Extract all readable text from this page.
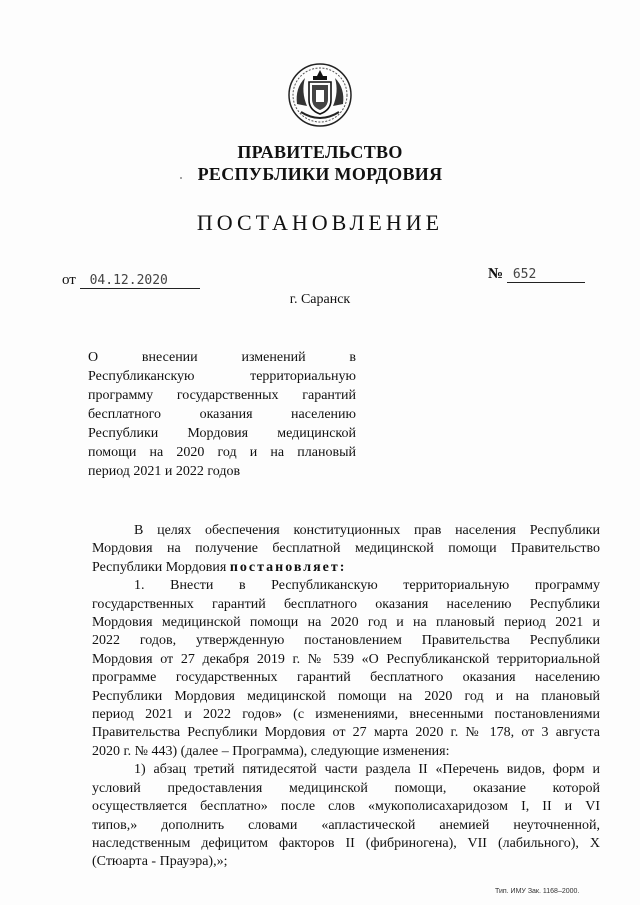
ПРАВИТЕЛЬСТВО
РЕСПУБЛИКИ МОРДОВИЯ
ПОСТАНОВЛЕНИЕ
от 04.12.2020	№ 652
г. Саранск
О внесении изменений в
Республиканскую территориальную
программу государственных гарантий
бесплатного оказания населению
Республики Мордовия медицинской
помощи на 2020 год и на плановый
период 2021 и 2022 годов
В целях обеспечения конституционных прав населения Республики
Мордовия на получение бесплатной медицинской помощи Правительство
Республики Мордовия постановляет:
1. Внести в Республиканскую территориальную программу
государственных гарантий бесплатного оказания населению Республики
Мордовия медицинской помощи на 2020 год и на плановый период 2021 и
2022 годов, утвержденную постановлением Правительства Республики
Мордовия от 27 декабря 2019 г. № 539 «О Республиканской территориальной
программе государственных гарантий бесплатного оказания населению
Республики Мордовия медицинской помощи на 2020 год и на плановый
период 2021 и 2022 годов» (с изменениями, внесенными постановлениями
Правительства Республики Мордовия от 27 марта 2020 г. № 178, от 3 августа
2020 г. № 443) (далее – Программа), следующие изменения:
1) абзац третий пятидесятой части раздела II «Перечень видов, форм и
условий предоставления медицинской помощи, оказание которой
осуществляется бесплатно» после слов «мукополисахаридозом I, II и VI
типов,» дополнить словами «апластической анемией неуточненной,
наследственным дефицитом факторов II (фибриногена), VII (лабильного), X
(Стюарта - Прауэра),»;
Тип. ИМУ Зак. 1168–2000.
